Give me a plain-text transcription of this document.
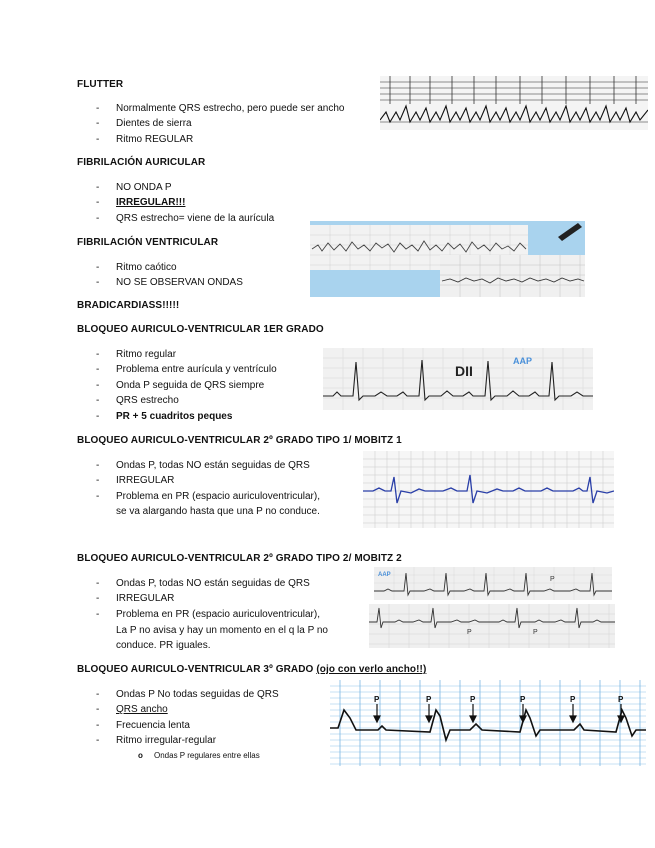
FLUTTER
- Normalmente QRS estrecho, pero puede ser ancho
- Dientes de sierra
- Ritmo REGULAR
FIBRILACIÓN AURICULAR
- NO ONDA P
- IRREGULAR!!!
- QRS estrecho= viene de la aurícula
FIBRILACIÓN VENTRICULAR
- Ritmo caótico
- NO SE OBSERVAN ONDAS
BRADICARDIASS!!!!!
BLOQUEO AURICULO-VENTRICULAR 1ER GRADO
- Ritmo regular
- Problema entre aurícula y ventrículo
- Onda P seguida de QRS siempre
- QRS estrecho
- PR + 5 cuadritos peques
DII
AAP
BLOQUEO AURICULO-VENTRICULAR 2º GRADO TIPO 1/ MOBITZ 1
- Ondas P, todas NO están seguidas de QRS
- IRREGULAR
- Problema en PR (espacio auriculoventricular),
se va alargando hasta que una P no conduce.
BLOQUEO AURICULO-VENTRICULAR 2º GRADO TIPO 2/ MOBITZ 2
- Ondas P, todas NO están seguidas de QRS
- IRREGULAR
- Problema en PR (espacio auriculoventricular),
La P no avisa y hay un momento en el q la P no
conduce. PR iguales.
AAP
P
P	P
BLOQUEO AURICULO-VENTRICULAR 3º GRADO (ojo con verlo ancho!!)
- Ondas P No todas seguidas de QRS
- QRS ancho
- Frecuencia lenta
- Ritmo irregular-regular
o Ondas P regulares entre ellas
P	P	P	P	P	P
